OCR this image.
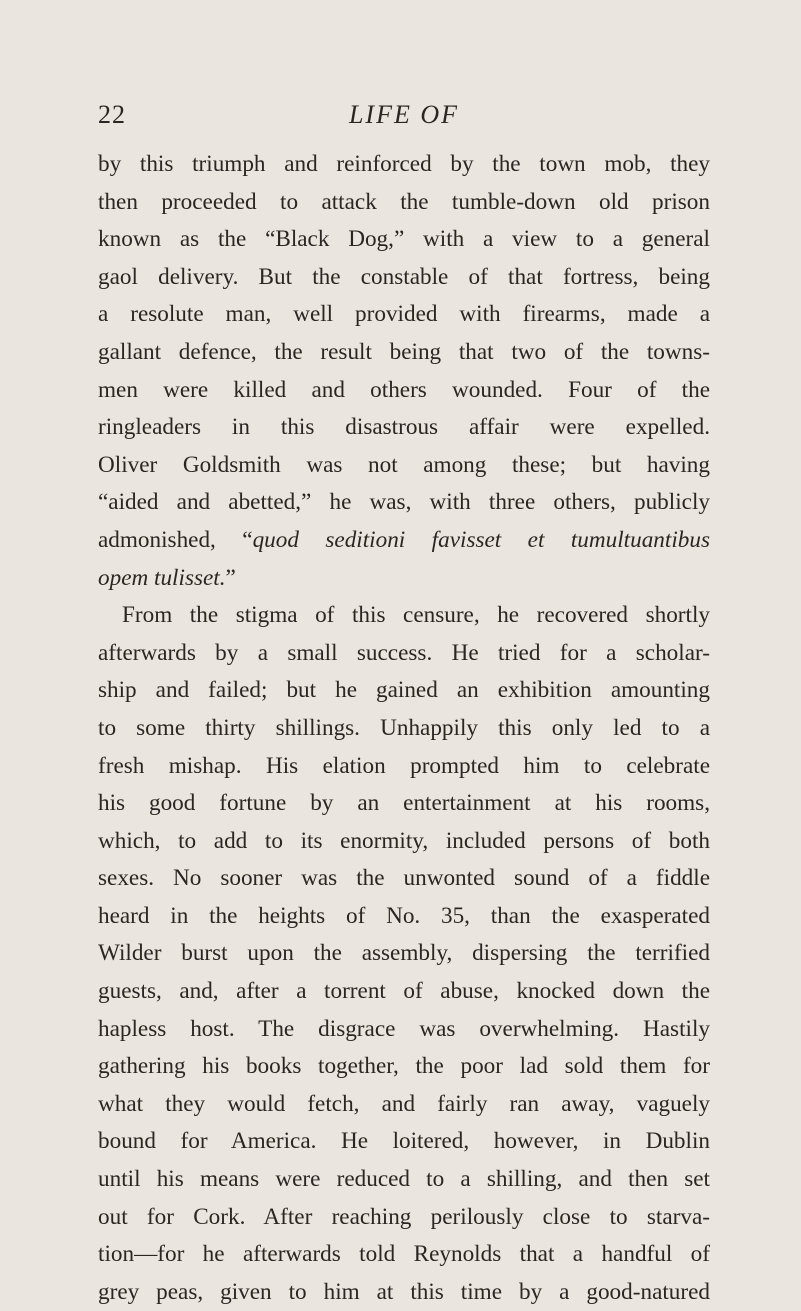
22	LIFE OF
by this triumph and reinforced by the town mob, they
then proceeded to attack the tumble-down old prison
known as the “Black Dog,” with a view to a general
gaol delivery. But the constable of that fortress, being
a resolute man, well provided with firearms, made a
gallant defence, the result being that two of the towns-
men were killed and others wounded. Four of the
ringleaders in this disastrous affair were expelled.
Oliver Goldsmith was not among these; but having
“aided and abetted,” he was, with three others, publicly
admonished, “quod seditioni favisset et tumultuantibus
opem tulisset.”
From the stigma of this censure, he recovered shortly
afterwards by a small success. He tried for a scholar-
ship and failed; but he gained an exhibition amounting
to some thirty shillings. Unhappily this only led to a
fresh mishap. His elation prompted him to celebrate
his good fortune by an entertainment at his rooms,
which, to add to its enormity, included persons of both
sexes. No sooner was the unwonted sound of a fiddle
heard in the heights of No. 35, than the exasperated
Wilder burst upon the assembly, dispersing the terrified
guests, and, after a torrent of abuse, knocked down the
hapless host. The disgrace was overwhelming. Hastily
gathering his books together, the poor lad sold them for
what they would fetch, and fairly ran away, vaguely
bound for America. He loitered, however, in Dublin
until his means were reduced to a shilling, and then set
out for Cork. After reaching perilously close to starva-
tion—for he afterwards told Reynolds that a handful of
grey peas, given to him at this time by a good-natured
